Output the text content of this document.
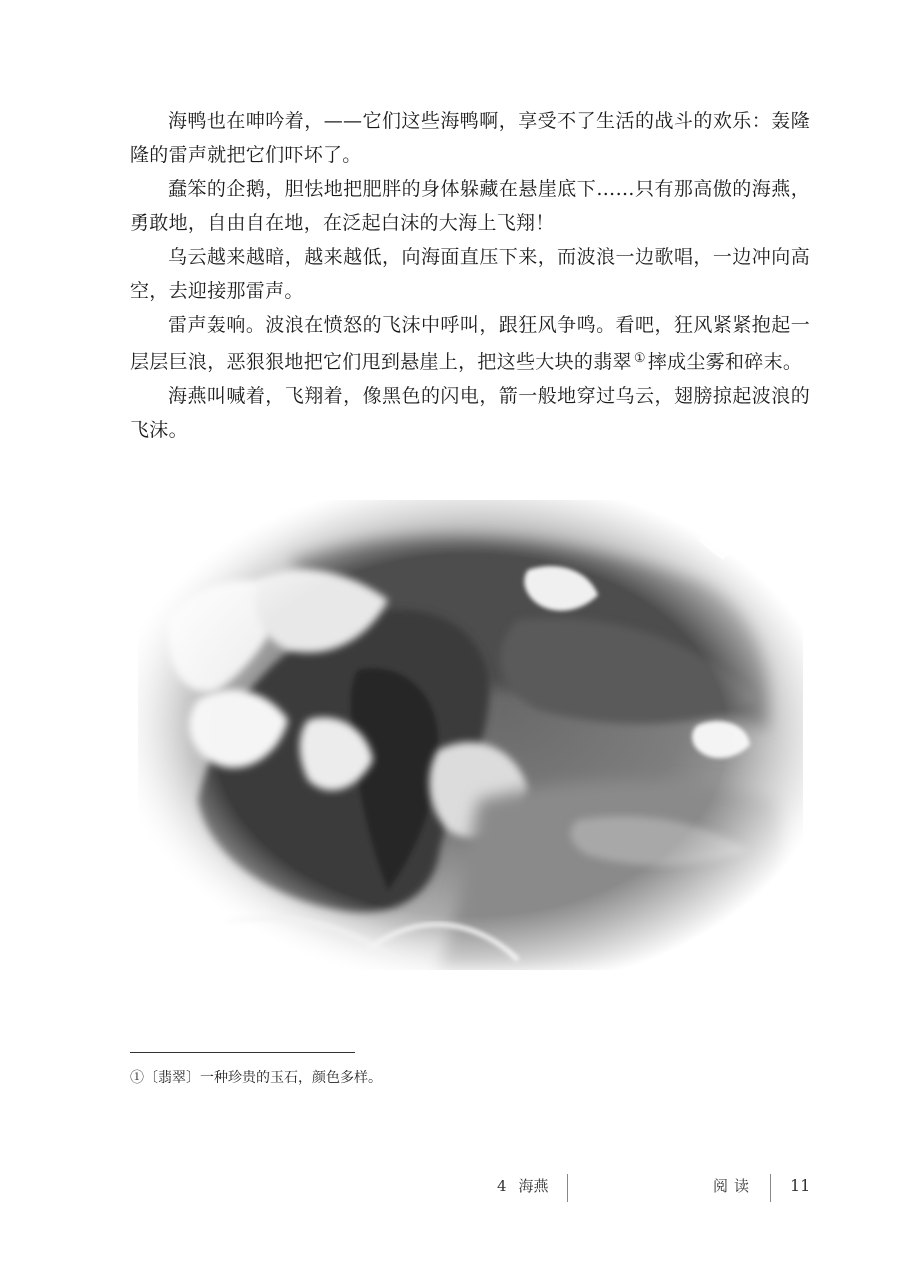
海鸭也在呻吟着，——它们这些海鸭啊，享受不了生活的战斗的欢乐：轰隆隆的雷声就把它们吓坏了。

蠢笨的企鹅，胆怯地把肥胖的身体躲藏在悬崖底下……只有那高傲的海燕，勇敢地，自由自在地，在泛起白沫的大海上飞翔！

乌云越来越暗，越来越低，向海面直压下来，而波浪一边歌唱，一边冲向高空，去迎接那雷声。

雷声轰响。波浪在愤怒的飞沫中呼叫，跟狂风争鸣。看吧，狂风紧紧抱起一层层巨浪，恶狠狠地把它们甩到悬崖上，把这些大块的翡翠 ① 摔成尘雾和碎末。

海燕叫喊着，飞翔着，像黑色的闪电，箭一般地穿过乌云，翅膀掠起波浪的飞沫。

①〔翡翠〕一种珍贵的玉石，颜色多样。

4 海燕	阅读 11
